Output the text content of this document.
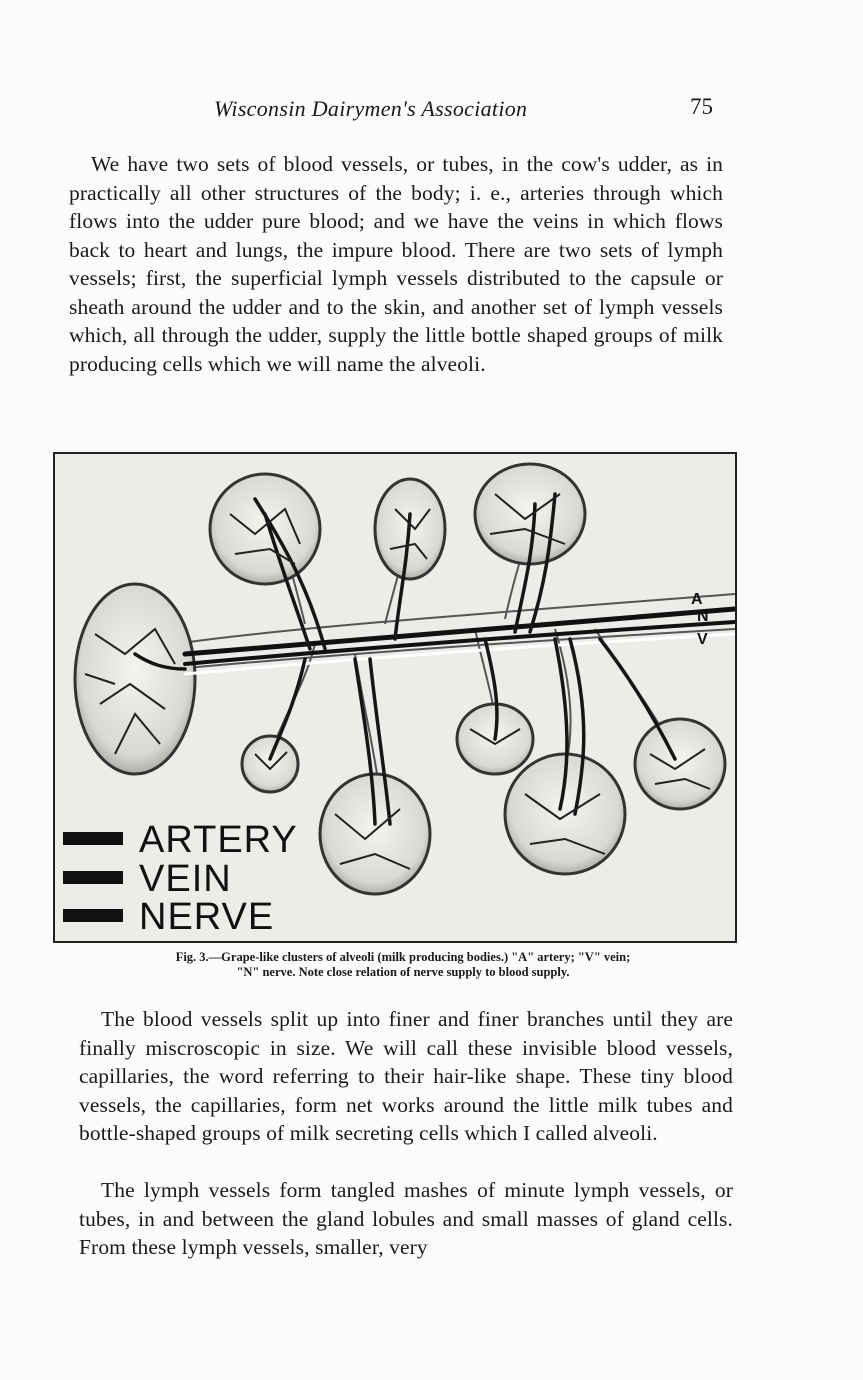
Wisconsin Dairymen's Association	75

We have two sets of blood vessels, or tubes, in the cow's udder, as in practically all other structures of the body; i. e., arteries through which flows into the udder pure blood; and we have the veins in which flows back to heart and lungs, the impure blood. There are two sets of lymph vessels; first, the superficial lymph vessels distributed to the capsule or sheath around the udder and to the skin, and another set of lymph vessels which, all through the udder, supply the little bottle shaped groups of milk producing cells which we will name the alveoli.

A
N
V
ARTERY
VEIN
NERVE
Fig. 3.—Grape-like clusters of alveoli (milk producing bodies.) "A" artery; "V" vein;
"N" nerve. Note close relation of nerve supply to blood supply.

The blood vessels split up into finer and finer branches until they are finally miscroscopic in size. We will call these invisible blood vessels, capillaries, the word referring to their hair-like shape. These tiny blood vessels, the capillaries, form net works around the little milk tubes and bottle-shaped groups of milk secreting cells which I called alveoli.

The lymph vessels form tangled mashes of minute lymph vessels, or tubes, in and between the gland lobules and small masses of gland cells. From these lymph vessels, smaller, very
